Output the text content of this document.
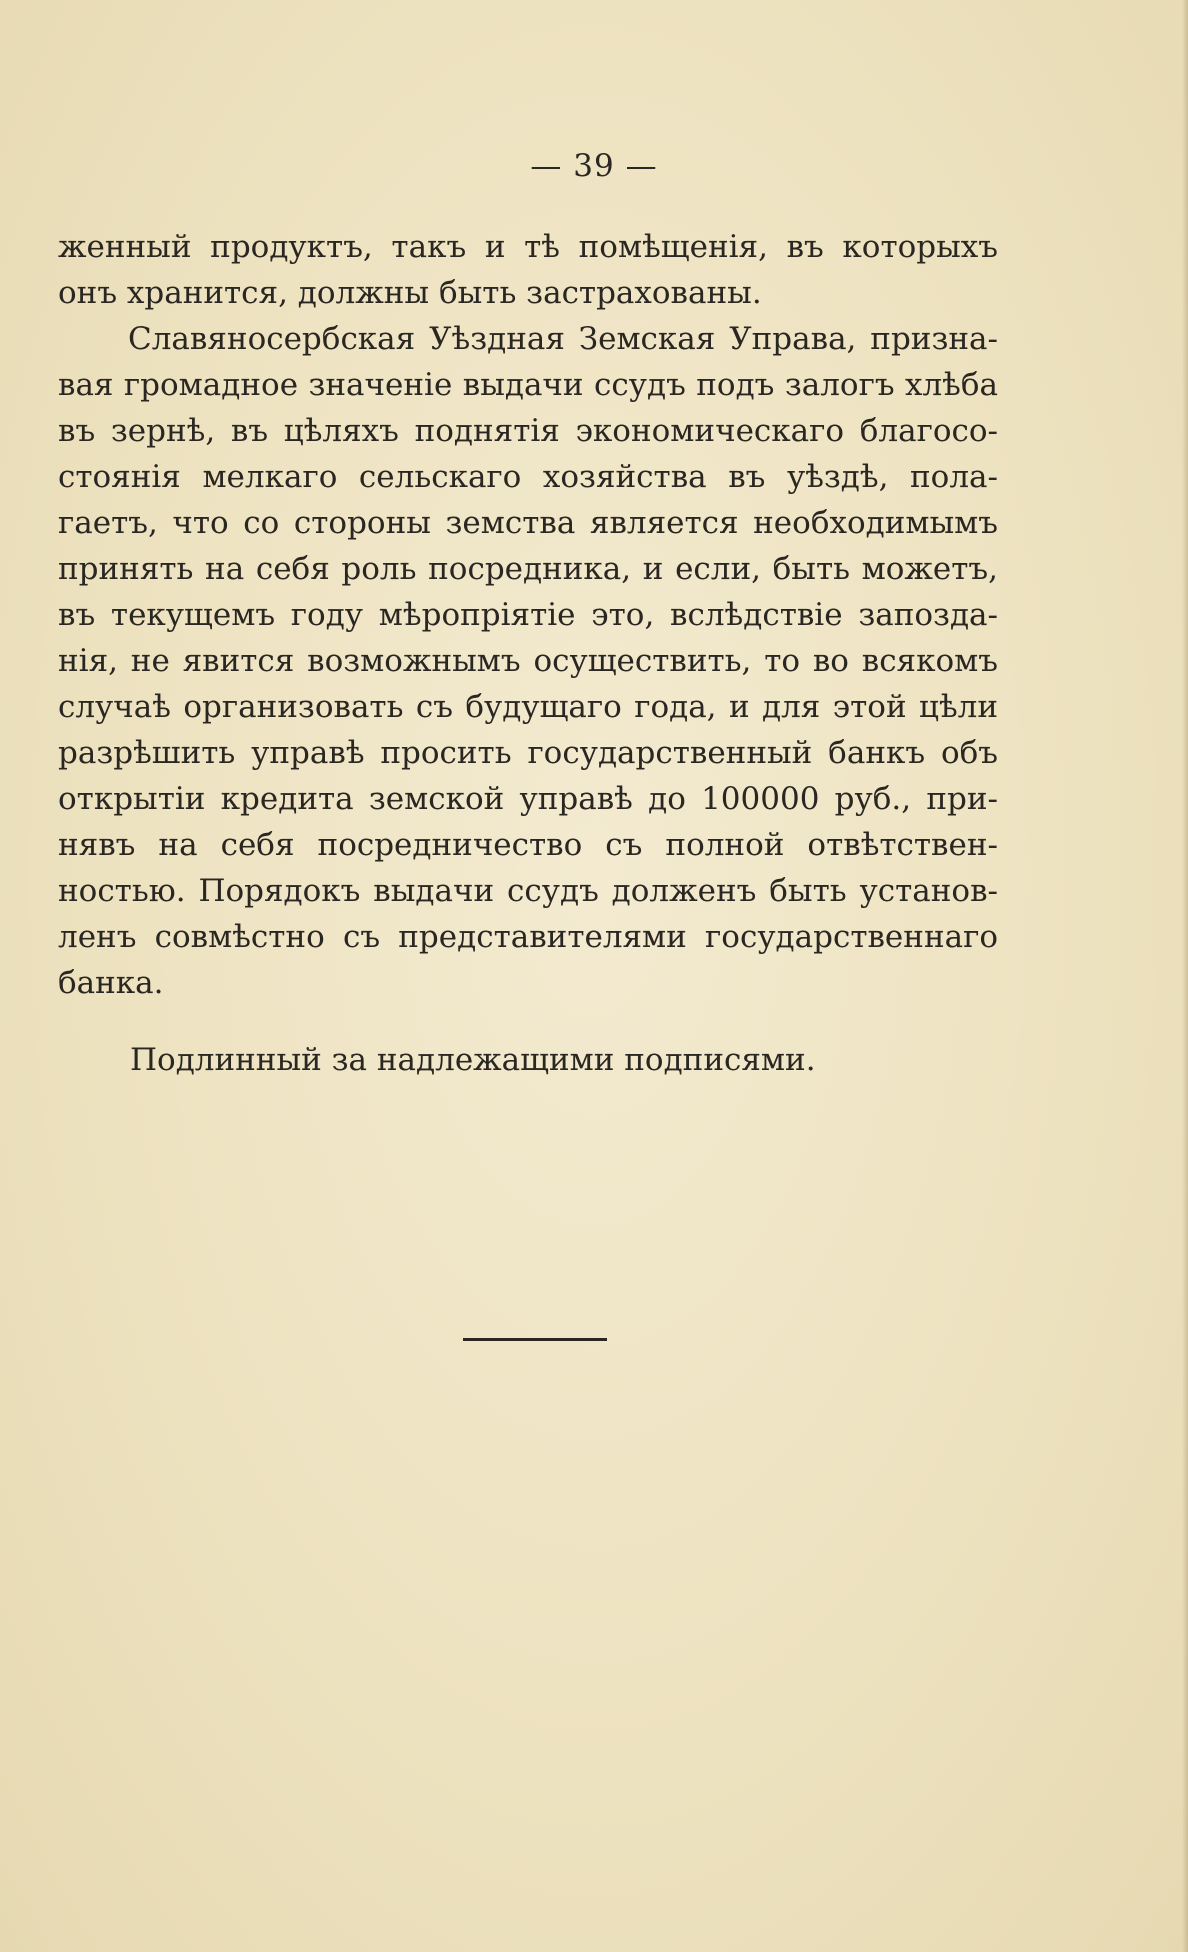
— 39 —
женный продуктъ, такъ и тѣ помѣщенія, въ которыхъ
онъ хранится, должны быть застрахованы.
Славяносербская Уѣздная Земская Управа, призна-
вая громадное значеніе выдачи ссудъ подъ залогъ хлѣба
въ зернѣ, въ цѣляхъ поднятія экономическаго благосо-
стоянія мелкаго сельскаго хозяйства въ уѣздѣ, пола-
гаетъ, что со стороны земства является необходимымъ
принять на себя роль посредника, и если, быть можетъ,
въ текущемъ году мѣропріятіе это, вслѣдствіе запозда-
нія, не явится возможнымъ осуществить, то во всякомъ
случаѣ организовать съ будущаго года, и для этой цѣли
разрѣшить управѣ просить государственный банкъ объ
открытіи кредита земской управѣ до 100000 руб., при-
нявъ на себя посредничество съ полной отвѣтствен-
ностью. Порядокъ выдачи ссудъ долженъ быть установ-
ленъ совмѣстно съ представителями государственнаго
банка.
Подлинный за надлежащими подписями.
